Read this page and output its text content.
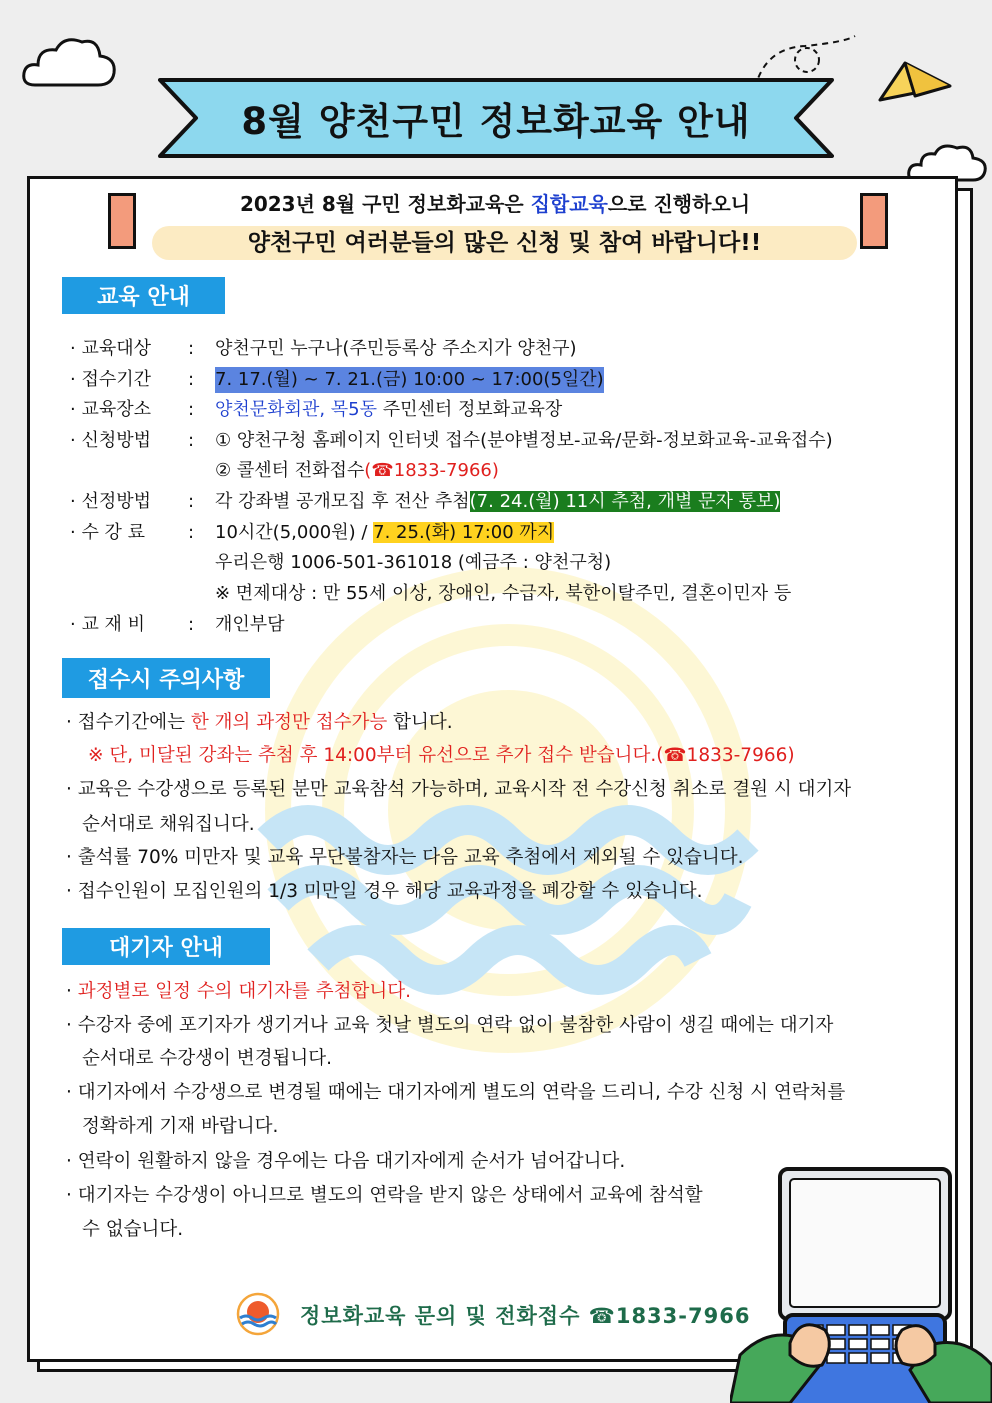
8월 양천구민 정보화교육 안내
2023년 8월 구민 정보화교육은 집합교육으로 진행하오니
양천구민 여러분들의 많은 신청 및 참여 바랍니다!!
교육 안내
· 교육대상 : 양천구민 누구나(주민등록상 주소지가 양천구)
· 접수기간 : 7. 17.(월) ~ 7. 21.(금) 10:00 ~ 17:00(5일간)
· 교육장소 : 양천문화회관, 목5동 주민센터 정보화교육장
· 신청방법 : ① 양천구청 홈페이지 인터넷 접수(분야별정보-교육/문화-정보화교육-교육접수)
② 콜센터 전화접수(☎1833-7966)
· 선정방법 : 각 강좌별 공개모집 후 전산 추첨(7. 24.(월) 11시 추첨, 개별 문자 통보)
· 수 강 료 : 10시간(5,000원) / 7. 25.(화) 17:00 까지
우리은행 1006-501-361018 (예금주 : 양천구청)
※ 면제대상 : 만 55세 이상, 장애인, 수급자, 북한이탈주민, 결혼이민자 등
· 교 재 비 : 개인부담
접수시 주의사항
· 접수기간에는 한 개의 과정만 접수가능 합니다.
※ 단, 미달된 강좌는 추첨 후 14:00부터 유선으로 추가 접수 받습니다.(☎1833-7966)
· 교육은 수강생으로 등록된 분만 교육참석 가능하며, 교육시작 전 수강신청 취소로 결원 시 대기자
순서대로 채워집니다.
· 출석률 70% 미만자 및 교육 무단불참자는 다음 교육 추첨에서 제외될 수 있습니다.
· 접수인원이 모집인원의 1/3 미만일 경우 해당 교육과정을 폐강할 수 있습니다.
대기자 안내
· 과정별로 일정 수의 대기자를 추첨합니다.
· 수강자 중에 포기자가 생기거나 교육 첫날 별도의 연락 없이 불참한 사람이 생길 때에는 대기자
순서대로 수강생이 변경됩니다.
· 대기자에서 수강생으로 변경될 때에는 대기자에게 별도의 연락을 드리니, 수강 신청 시 연락처를
정확하게 기재 바랍니다.
· 연락이 원활하지 않을 경우에는 다음 대기자에게 순서가 넘어갑니다.
· 대기자는 수강생이 아니므로 별도의 연락을 받지 않은 상태에서 교육에 참석할
수 없습니다.
정보화교육 문의 및 전화접수 ☎1833-7966
